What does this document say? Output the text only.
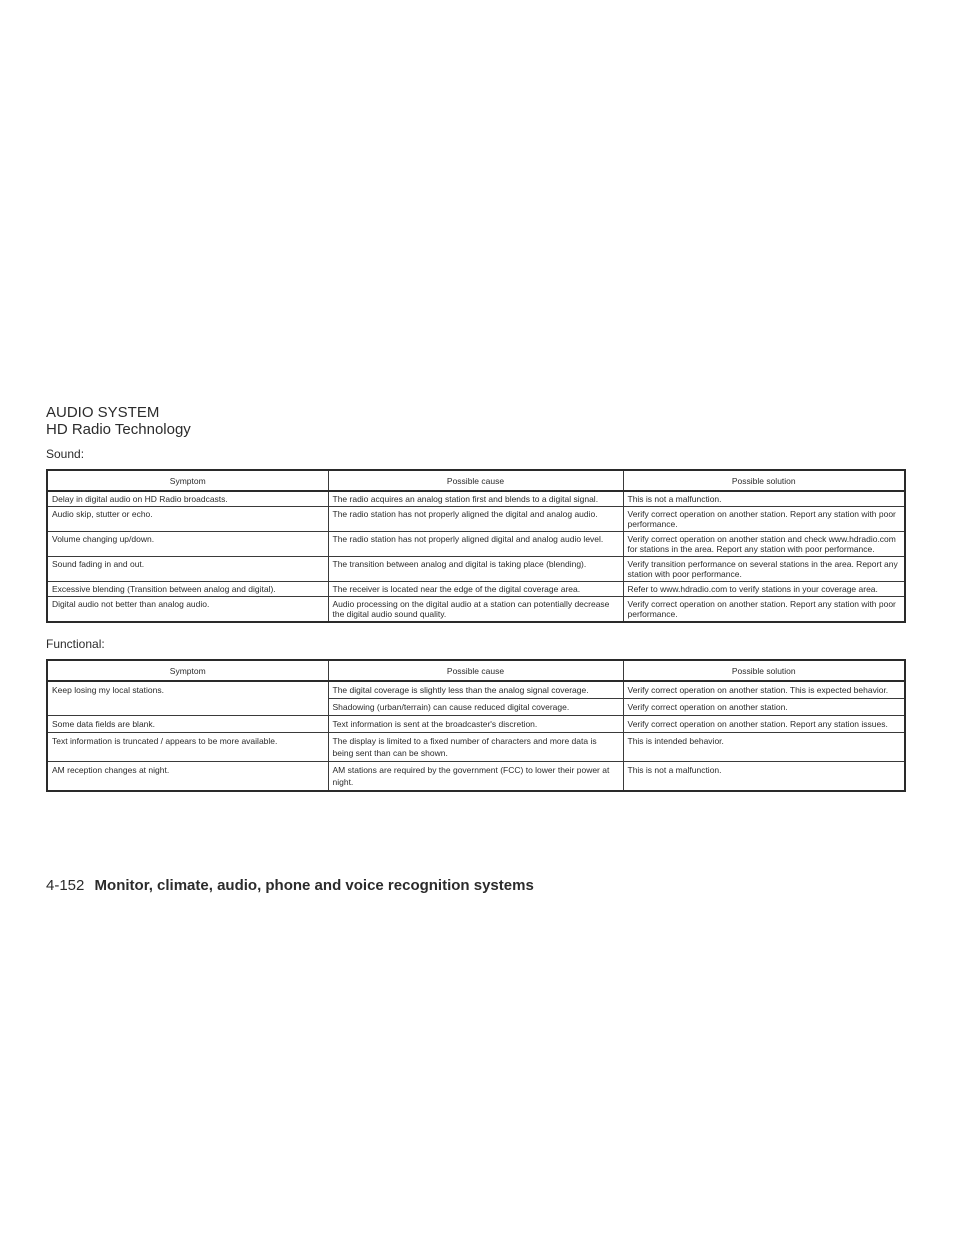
AUDIO SYSTEM
HD Radio Technology
Sound:
Symptom	Possible cause	Possible solution
Delay in digital audio on HD Radio broadcasts.	The radio acquires an analog station first and blends to a digital signal.	This is not a malfunction.
Audio skip, stutter or echo.	The radio station has not properly aligned the digital and analog audio.	Verify correct operation on another station. Report any station with poor performance.
Volume changing up/down.	The radio station has not properly aligned digital and analog audio level.	Verify correct operation on another station and check www.hdradio.com for stations in the area. Report any station with poor performance.
Sound fading in and out.	The transition between analog and digital is taking place (blending).	Verify transition performance on several stations in the area. Report any station with poor performance.
Excessive blending (Transition between analog and digital).	The receiver is located near the edge of the digital coverage area.	Refer to www.hdradio.com to verify stations in your coverage area.
Digital audio not better than analog audio.	Audio processing on the digital audio at a station can potentially decrease the digital audio sound quality.	Verify correct operation on another station. Report any station with poor performance.
Functional:
Symptom	Possible cause	Possible solution
Keep losing my local stations.	The digital coverage is slightly less than the analog signal coverage.	Verify correct operation on another station. This is expected behavior.
	Shadowing (urban/terrain) can cause reduced digital coverage.	Verify correct operation on another station.
Some data fields are blank.	Text information is sent at the broadcaster's discretion.	Verify correct operation on another station. Report any station issues.
Text information is truncated / appears to be more available.	The display is limited to a fixed number of characters and more data is being sent than can be shown.	This is intended behavior.
AM reception changes at night.	AM stations are required by the government (FCC) to lower their power at night.	This is not a malfunction.
4-152 Monitor, climate, audio, phone and voice recognition systems
